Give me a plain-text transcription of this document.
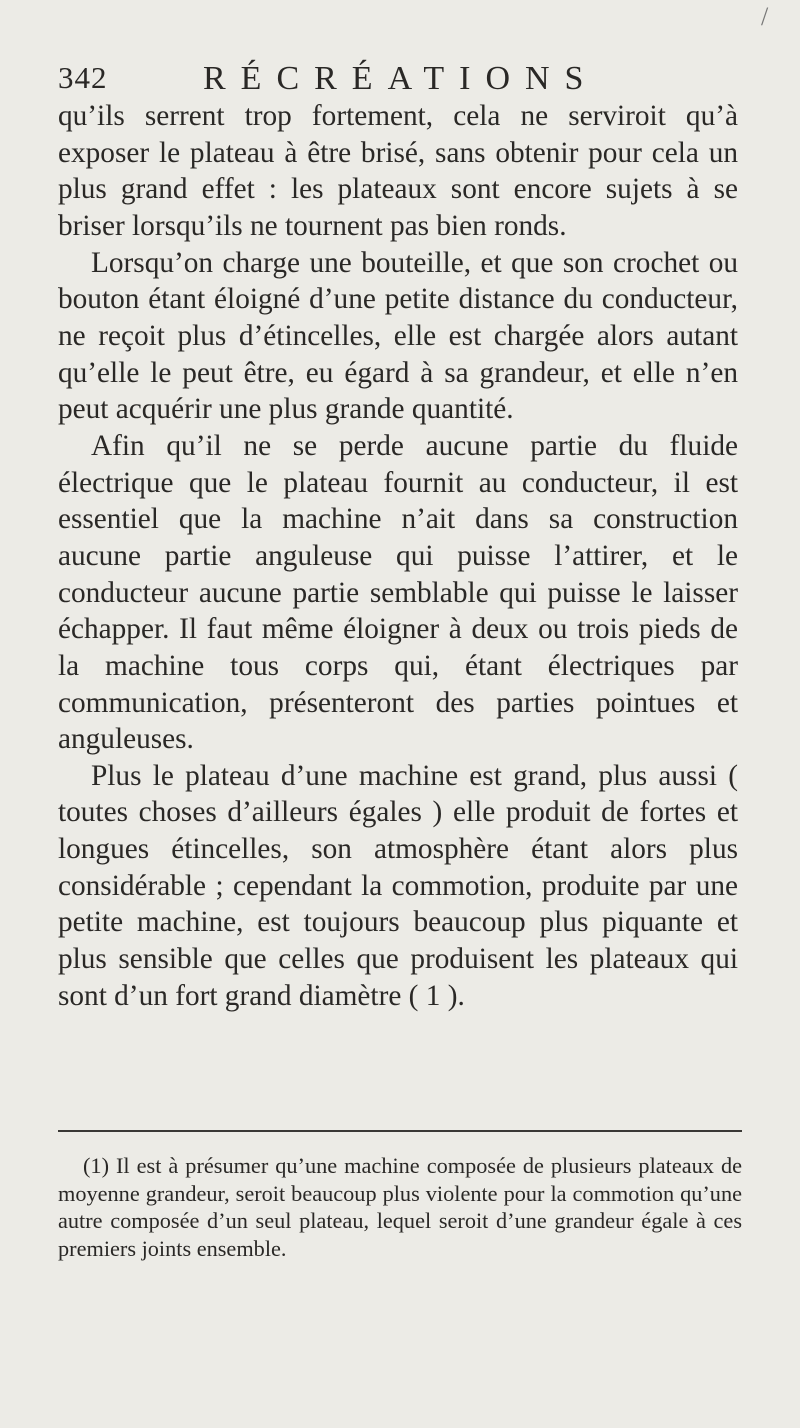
/
342	RÉCRÉATIONS

qu’ils serrent trop fortement, cela ne serviroit qu’à exposer le plateau à être brisé, sans obtenir pour cela un plus grand effet : les plateaux sont encore sujets à se briser lorsqu’ils ne tournent pas bien ronds.

Lorsqu’on charge une bouteille, et que son crochet ou bouton étant éloigné d’une petite distance du conducteur, ne reçoit plus d’étincelles, elle est chargée alors autant qu’elle le peut être, eu égard à sa grandeur, et elle n’en peut acquérir une plus grande quantité.

Afin qu’il ne se perde aucune partie du fluide électrique que le plateau fournit au conducteur, il est essentiel que la machine n’ait dans sa construction aucune partie anguleuse qui puisse l’attirer, et le conducteur aucune partie semblable qui puisse le laisser échapper. Il faut même éloigner à deux ou trois pieds de la machine tous corps qui, étant électriques par communication, présenteront des parties pointues et anguleuses.

Plus le plateau d’une machine est grand, plus aussi ( toutes choses d’ailleurs égales ) elle produit de fortes et longues étincelles, son atmosphère étant alors plus considérable ; cependant la commotion, produite par une petite machine, est toujours beaucoup plus piquante et plus sensible que celles que produisent les plateaux qui sont d’un fort grand diamètre ( 1 ).

(1) Il est à présumer qu’une machine composée de plusieurs plateaux de moyenne grandeur, seroit beaucoup plus violente pour la commotion qu’une autre composée d’un seul plateau, lequel seroit d’une grandeur égale à ces premiers joints ensemble.
